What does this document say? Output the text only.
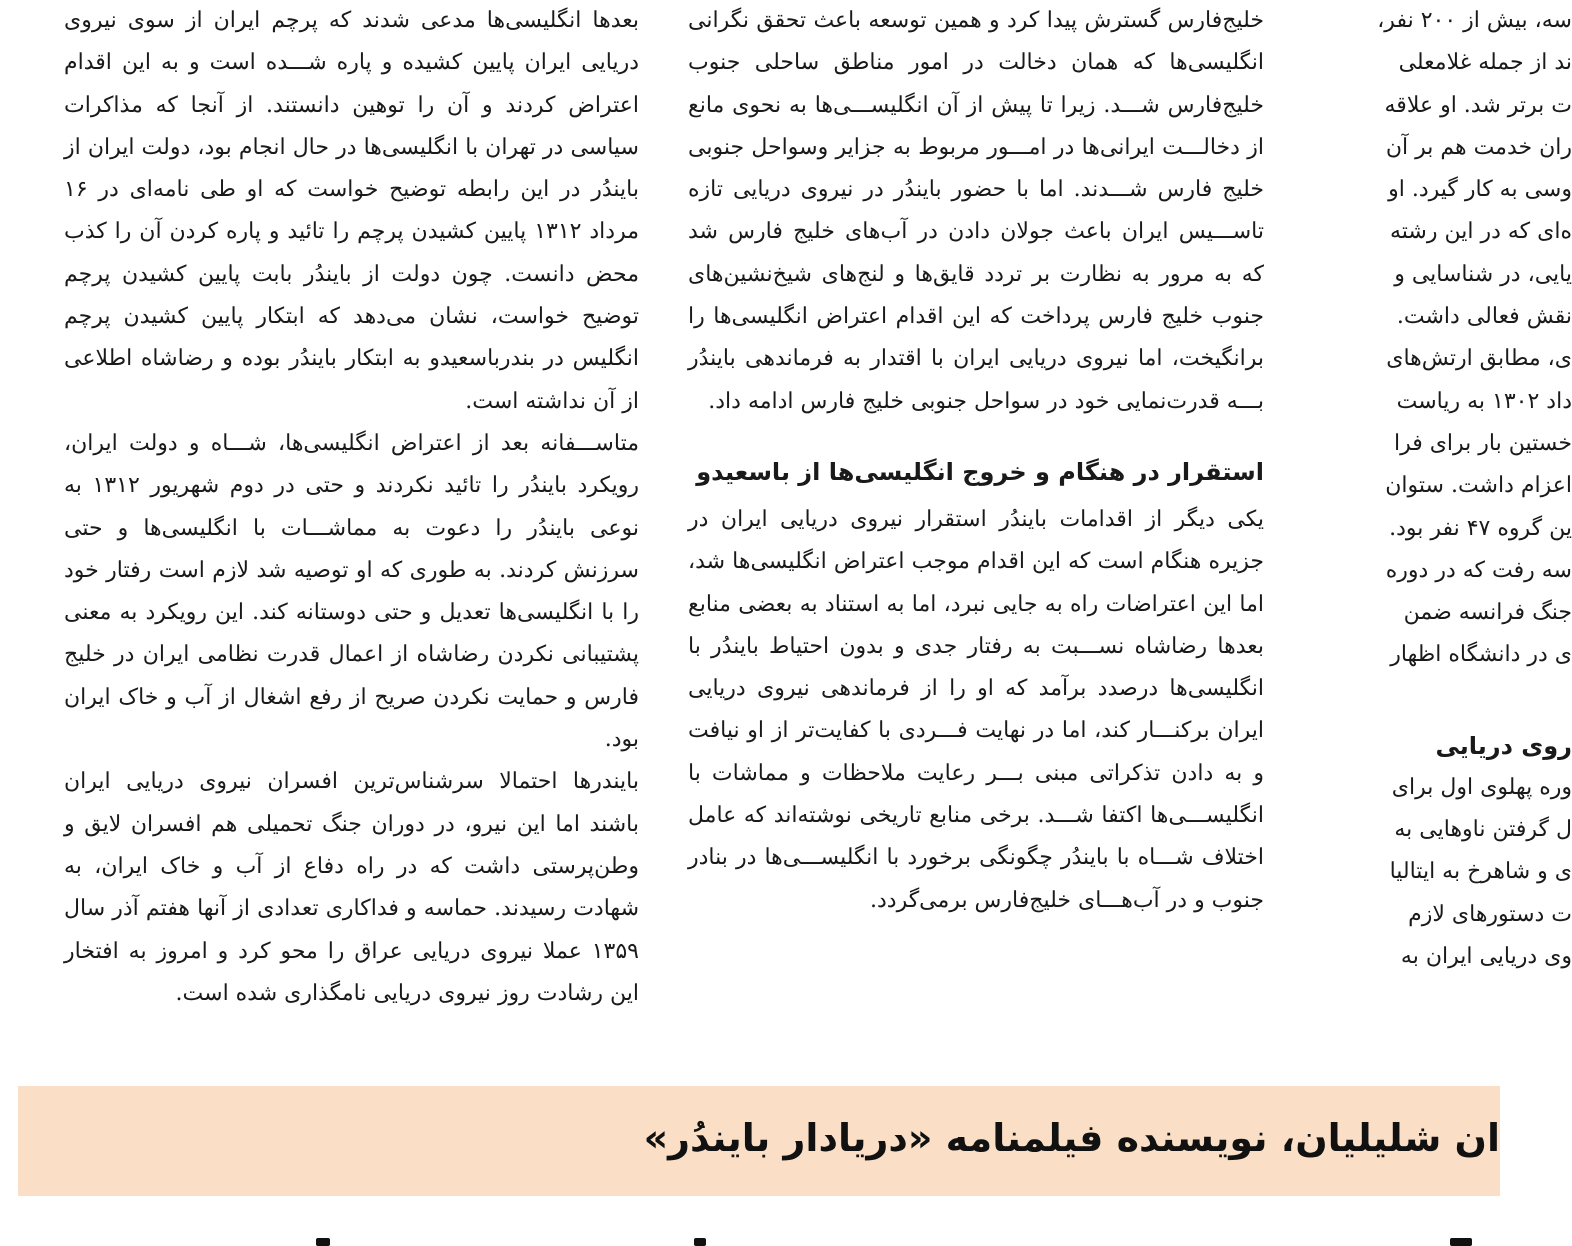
بعدها انگلیسی‌ها مدعی شدند که پرچم ایران از سوی نیروی دریایی ایران پایین کشیده و پاره شـــده است و به این اقدام اعتراض کردند و آن را توهین دانستند. از آنجا که مذاکرات سیاسی در تهران با انگلیسی‌ها در حال انجام بود، دولت ایران از بایندُر در این رابطه توضیح خواست که او طی نامه‌ای در ۱۶ مرداد ۱۳۱۲ پایین کشیدن پرچم را تائید و پاره کردن آن را کذب محض دانست. چون دولت از بایندُر بابت پایین کشیدن پرچم توضیح خواست، نشان می‌دهد که ابتکار پایین کشیدن پرچم انگلیس در بندرباسعیدو به ابتکار بایندُر بوده و رضاشاه اطلاعی از آن نداشته است.

متاســـفانه بعد از اعتراض انگلیسی‌ها، شـــاه و دولت ایران، رویکرد بایندُر را تائید نکردند و حتی در دوم شهریور ۱۳۱۲ به نوعی بایندُر را دعوت به مماشـــات با انگلیسی‌ها و حتی سرزنش کردند. به طوری که او توصیه شد لازم است رفتار خود را با انگلیسی‌ها تعدیل و حتی دوستانه کند. این رویکرد به معنی پشتیبانی نکردن رضاشاه از اعمال قدرت نظامی ایران در خلیج فارس و حمایت نکردن صریح از رفع اشغال از آب و خاک ایران بود.

بایندرها احتمالا سرشناس‌ترین افسران نیروی دریایی ایران باشند اما این نیرو، در دوران جنگ تحمیلی هم افسران لایق و وطن‌پرستی داشت که در راه دفاع از آب و خاک ایران، به شهادت رسیدند. حماسه و فداکاری تعدادی از آنها هفتم آذر سال ۱۳۵۹ عملا نیروی دریایی عراق را محو کرد و امروز به افتخار این رشادت روز نیروی دریایی نامگذاری شده است.

خلیج‌فارس گسترش پیدا کرد و همین توسعه باعث تحقق نگرانی انگلیسی‌ها که همان دخالت در امور مناطق ساحلی جنوب خلیج‌فارس شـــد. زیرا تا پیش از آن انگلیســـی‌ها به نحوی مانع از دخالـــت ایرانی‌ها در امـــور مربوط به جزایر وسواحل جنوبی خلیج فارس شـــدند. اما با حضور بایندُر در نیروی دریایی تازه تاســـیس ایران باعث جولان دادن در آب‌های خلیج فارس شد که به مرور به نظارت بر تردد قایق‌ها و لنج‌های شیخ‌نشین‌های جنوب خلیج فارس پرداخت که این اقدام اعتراض انگلیسی‌ها را برانگیخت، اما نیروی دریایی ایران با اقتدار به فرماندهی بایندُر بـــه قدرت‌نمایی خود در سواحل جنوبی خلیج فارس ادامه داد.

استقرار در هنگام و خروج انگلیسی‌ها از باسعیدو

یکی دیگر از اقدامات بایندُر استقرار نیروی دریایی ایران در جزیره هنگام است که این اقدام موجب اعتراض انگلیسی‌ها شد، اما این اعتراضات راه به جایی نبرد، اما به استناد به بعضی منابع بعدها رضاشاه نســـبت به رفتار جدی و بدون احتیاط بایندُر با انگلیسی‌ها درصدد برآمد که او را از فرماندهی نیروی دریایی ایران برکنـــار کند، اما در نهایت فـــردی با کفایت‌تر از او نیافت و به دادن تذکراتی مبنی بـــر رعایت ملاحظات و مماشات با انگلیســـی‌ها اکتفا شـــد. برخی منابع تاریخی نوشته‌اند که عامل اختلاف شـــاه با بایندُر چگونگی برخورد با انگلیســـی‌ها در بنادر جنوب و در آب‌هـــای خلیج‌فارس برمی‌گردد.

سه، بیش از ۲۰۰ نفر،
ند از جمله غلامعلی
ت برتر شد. او علاقه
ران خدمت هم بر آن
وسی به کار گیرد. او
ه‌ای که در این رشته
یایی، در شناسایی و
نقش فعالی داشت.
ی، مطابق ارتش‌های
داد ۱۳۰۲ به ریاست
خستین بار برای فرا
اعزام داشت. ستوان
ین گروه ۴۷ نفر بود.
سه رفت که در دوره
جنگ فرانسه ضمن
ی در دانشگاه اظهار
روی دریایی
وره پهلوی اول برای
ل گرفتن ناوهایی به
ی و شاهرخ به ایتالیا
ت دستورهای لازم
وی دریایی ایران به
ان شلیلیان، نویسنده فیلمنامه «دریادار بایندُر»
